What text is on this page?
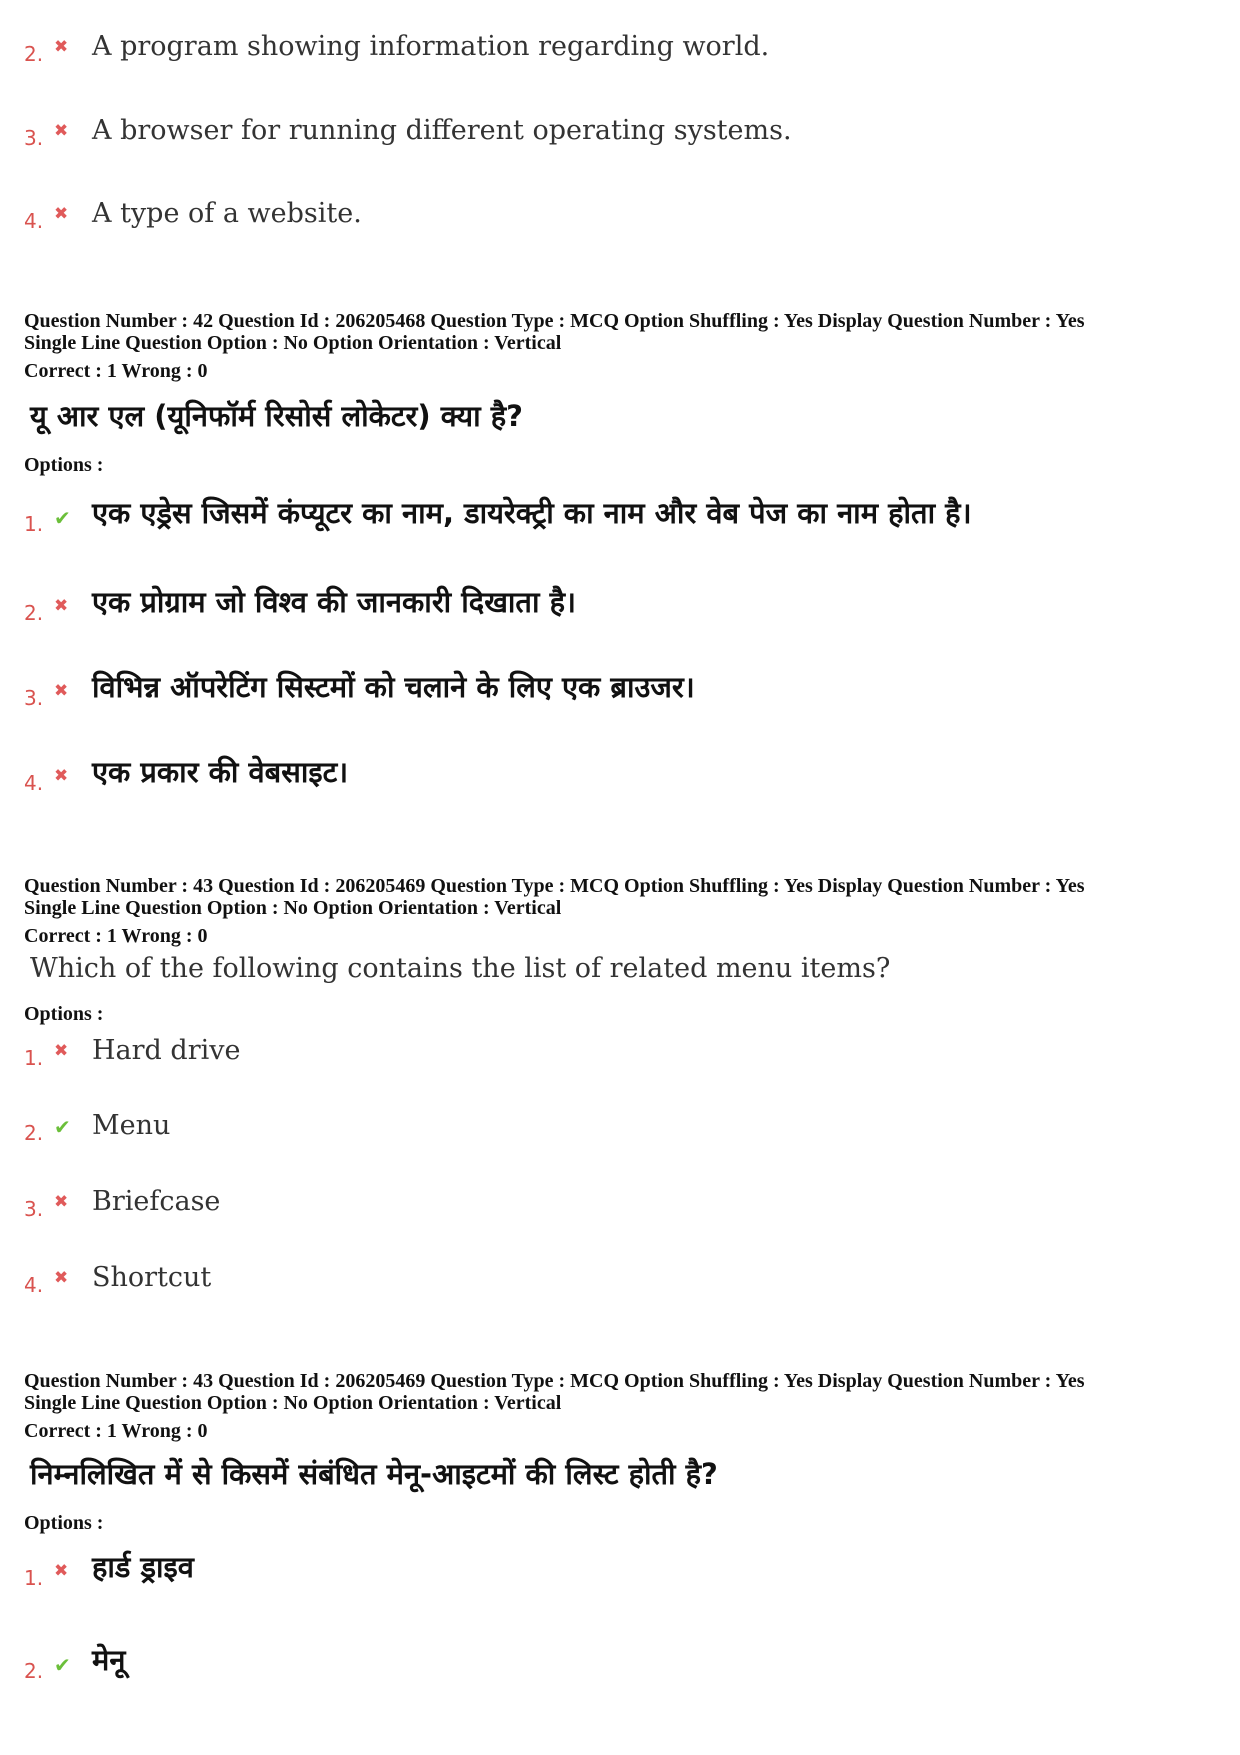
2. ✖ A program showing information regarding world.
3. ✖ A browser for running different operating systems.
4. ✖ A type of a website.
Question Number : 42 Question Id : 206205468 Question Type : MCQ Option Shuffling : Yes Display Question Number : Yes
Single Line Question Option : No Option Orientation : Vertical
Correct : 1 Wrong : 0
यू आर एल (यूनिफॉर्म रिसोर्स लोकेटर) क्या है?
Options :
1. ✔ एक एड्रेस जिसमें कंप्यूटर का नाम, डायरेक्ट्री का नाम और वेब पेज का नाम होता है।
2. ✖ एक प्रोग्राम जो विश्व की जानकारी दिखाता है।
3. ✖ विभिन्न ऑपरेटिंग सिस्टमों को चलाने के लिए एक ब्राउजर।
4. ✖ एक प्रकार की वेबसाइट।
Question Number : 43 Question Id : 206205469 Question Type : MCQ Option Shuffling : Yes Display Question Number : Yes
Single Line Question Option : No Option Orientation : Vertical
Correct : 1 Wrong : 0
Which of the following contains the list of related menu items?
Options :
1. ✖ Hard drive
2. ✔ Menu
3. ✖ Briefcase
4. ✖ Shortcut
Question Number : 43 Question Id : 206205469 Question Type : MCQ Option Shuffling : Yes Display Question Number : Yes
Single Line Question Option : No Option Orientation : Vertical
Correct : 1 Wrong : 0
निम्नलिखित में से किसमें संबंधित मेनू-आइटमों की लिस्ट होती है?
Options :
1. ✖ हार्ड ड्राइव
2. ✔ मेनू
